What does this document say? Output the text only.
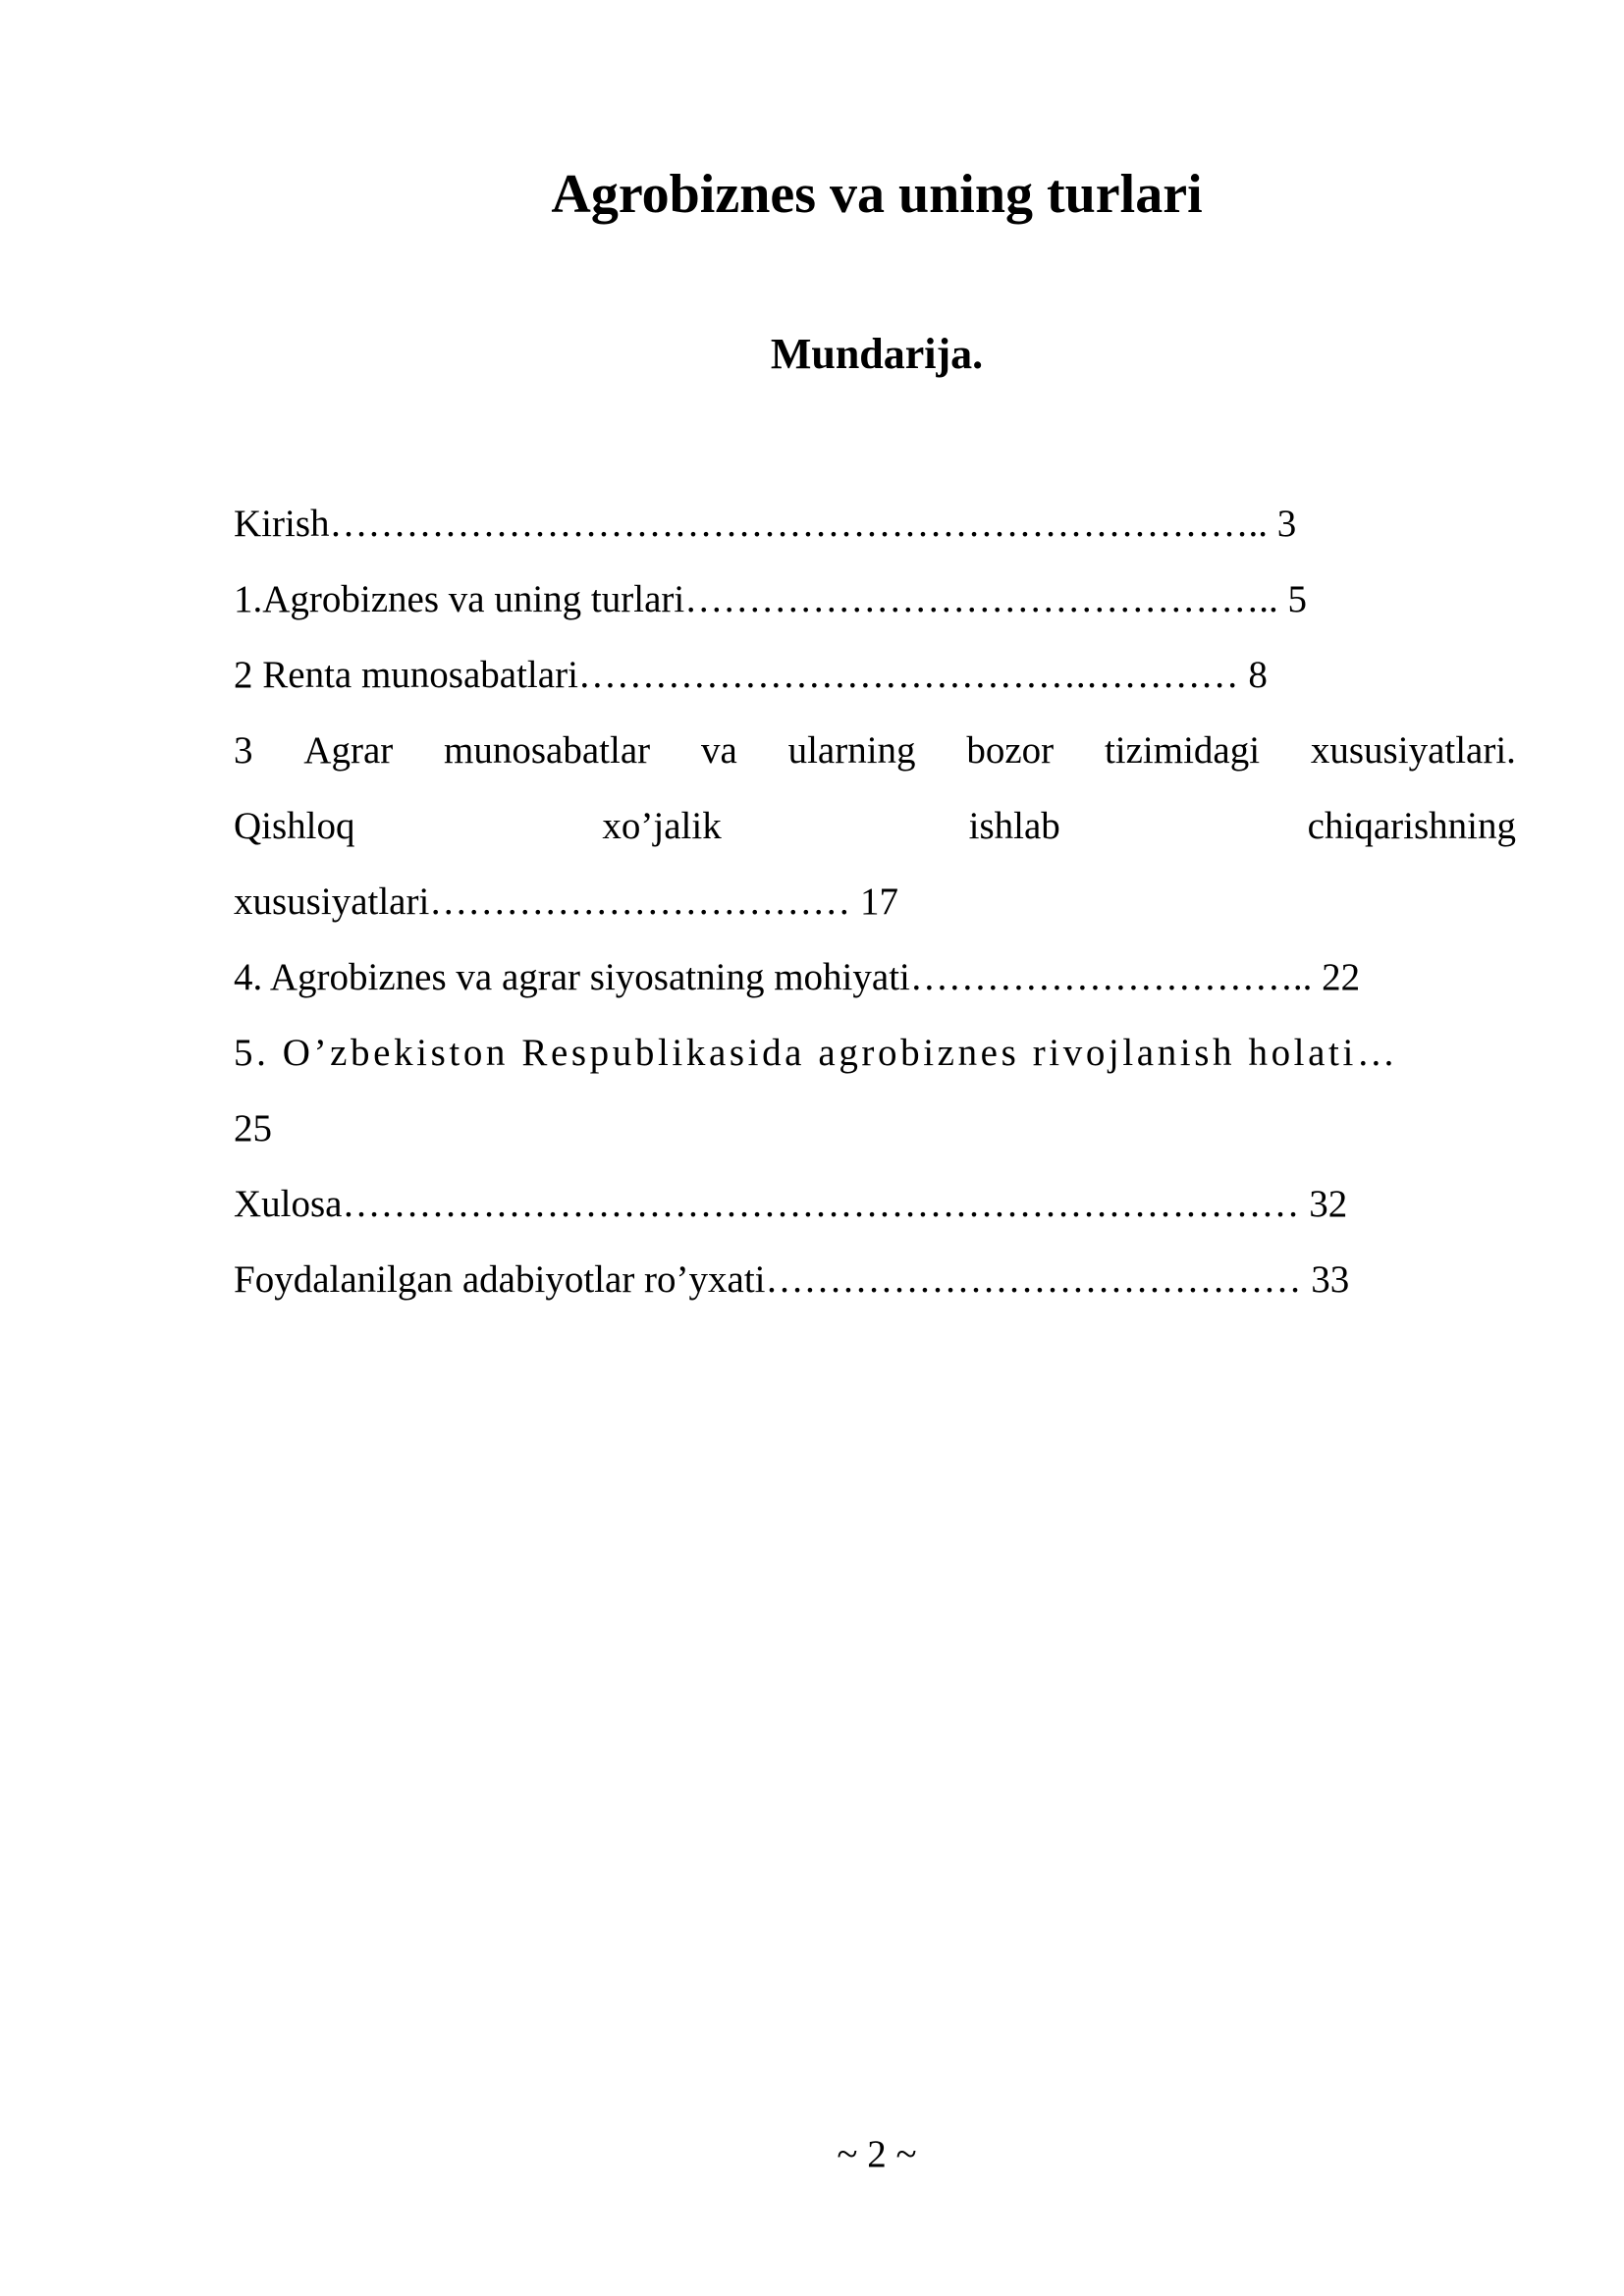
Agrobiznes va uning turlari
Mundarija.
Kirish……………………………………………………………….. 3
1.Agrobiznes va uning turlari……………………………………….. 5
2 Renta munosabatlari………………………………….………… 8
3 Agrar munosabatlar va ularning bozor tizimidagi xususiyatlari.
Qishloq	xo’jalik	ishlab	chiqarishning
xususiyatlari…………………………… 17
4. Agrobiznes va agrar siyosatning mohiyati………………………….. 22
5. O’zbekiston Respublikasida agrobiznes rivojlanish holati…
25
Xulosa………………………………………………………………… 32
Foydalanilgan adabiyotlar ro’yxati…………………………………… 33
~ 2 ~
